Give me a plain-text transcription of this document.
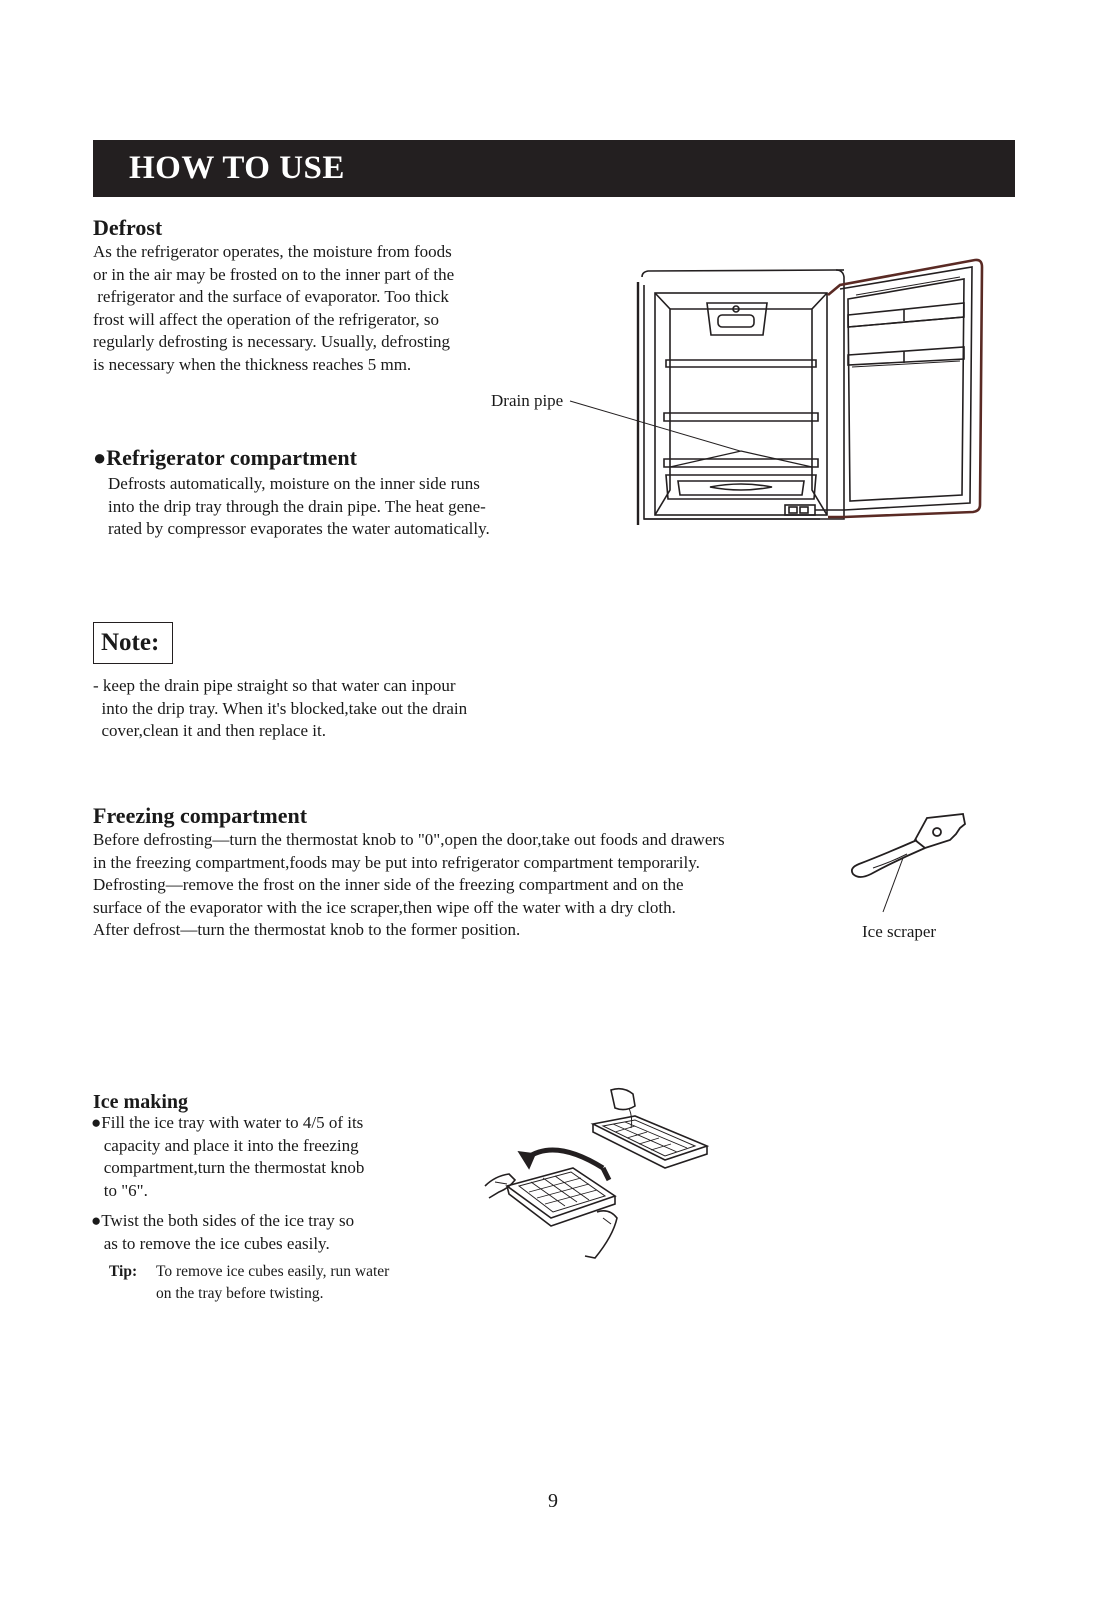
HOW TO USE
Defrost
As the refrigerator operates, the moisture from foods
or in the air may be frosted on to the inner part of the
refrigerator and the surface of evaporator. Too thick
frost will affect the operation of the refrigerator, so
regularly defrosting is necessary. Usually, defrosting
is necessary when the thickness reaches 5 mm.
●Refrigerator compartment
Defrosts automatically, moisture on the inner side runs
into the drip tray through the drain pipe. The heat gene-
rated by compressor evaporates the water automatically.
Drain pipe
Note:
- keep the drain pipe straight so that water can inpour
into the drip tray. When it's blocked,take out the drain
cover,clean it and then replace it.
Freezing compartment
Before defrosting—turn the thermostat knob to "0",open the door,take out foods and drawers
in the freezing compartment,foods may be put into refrigerator compartment temporarily.
Defrosting—remove the frost on the inner side of the freezing compartment and on the
surface of the evaporator with the ice scraper,then wipe off the water with a dry cloth.
After defrost—turn the thermostat knob to the former position.	Ice scraper
Ice making
●Fill the ice tray with water to 4/5 of its
capacity and place it into the freezing
compartment,turn the thermostat knob
to "6".
●Twist the both sides of the ice tray so
as to remove the ice cubes easily.
Tip: To remove ice cubes easily, run water
on the tray before twisting.
9
